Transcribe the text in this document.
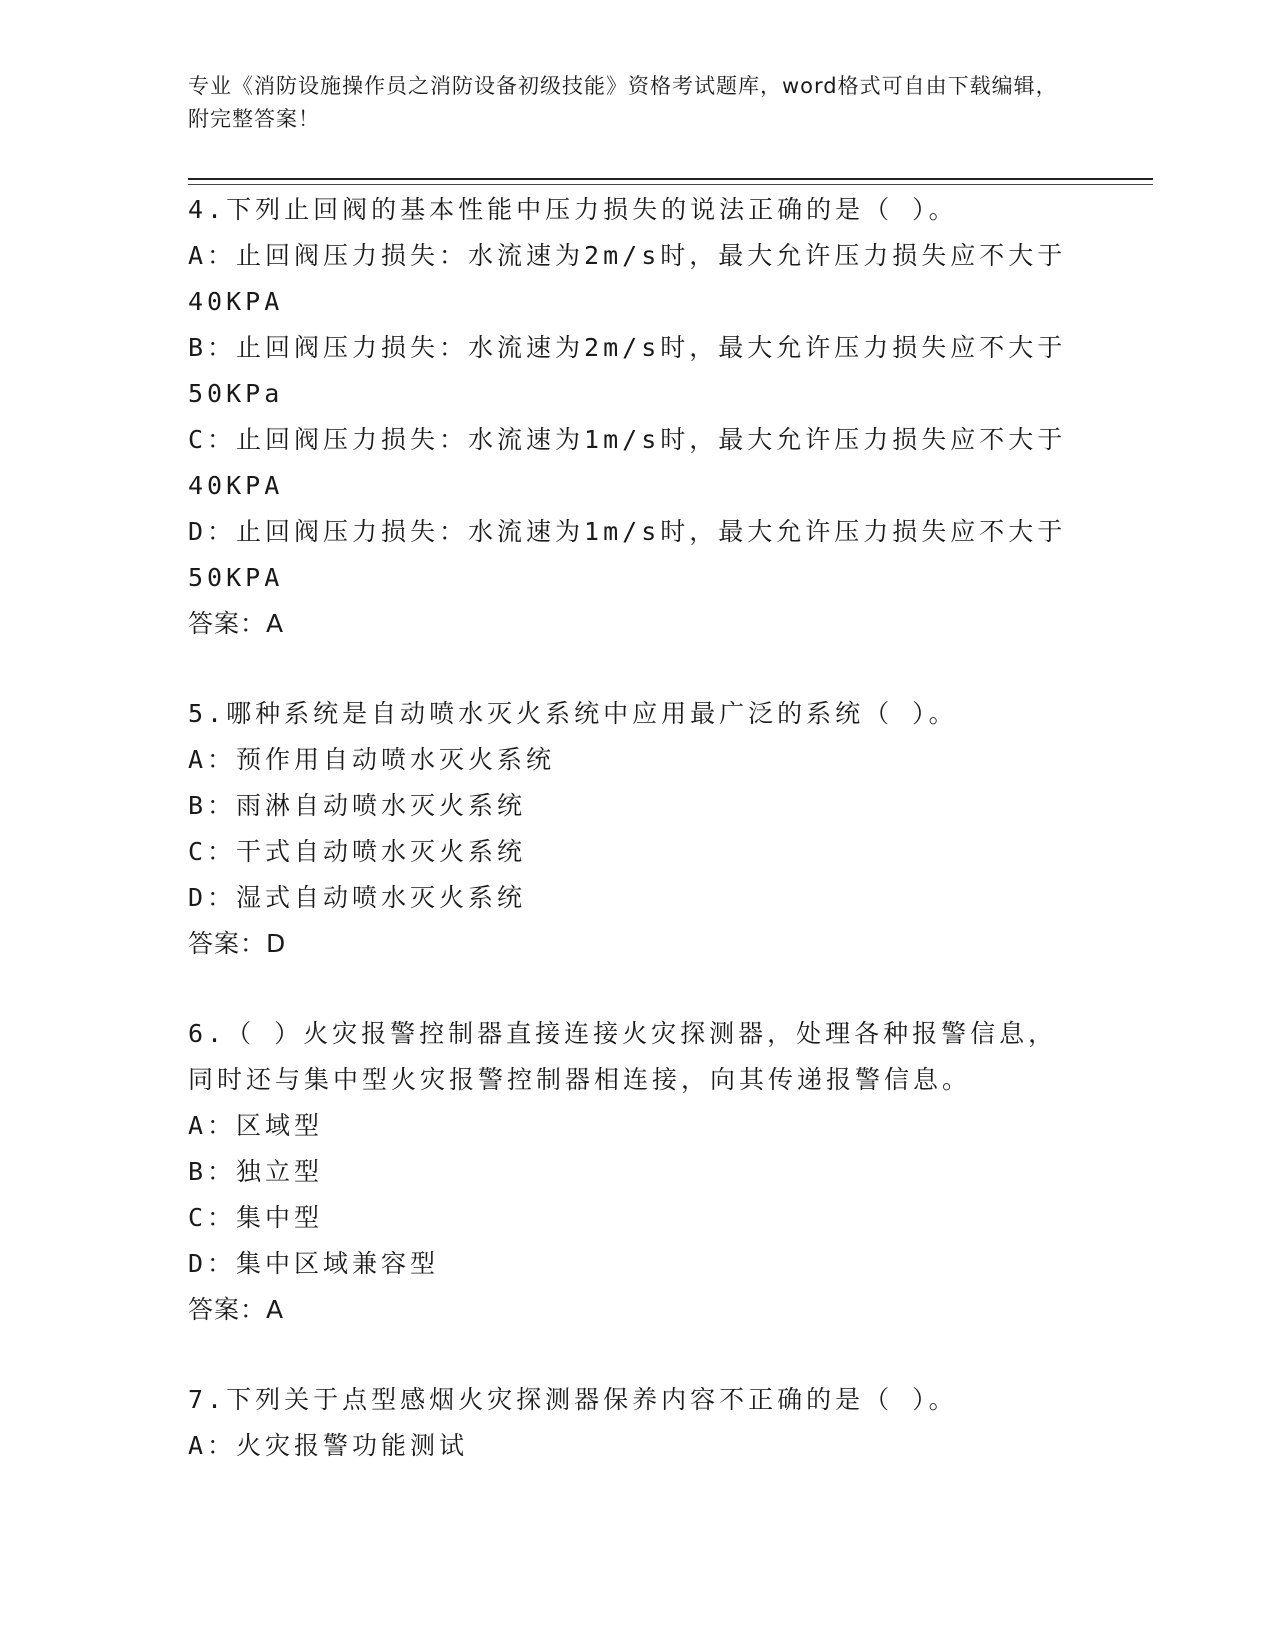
专业《消防设施操作员之消防设备初级技能》资格考试题库，word格式可自由下载编辑，附完整答案！
4.下列止回阀的基本性能中压力损失的说法正确的是（ ）。
A：止回阀压力损失：水流速为2m/s时，最大允许压力损失应不大于
40KPA
B：止回阀压力损失：水流速为2m/s时，最大允许压力损失应不大于
50KPa
C：止回阀压力损失：水流速为1m/s时，最大允许压力损失应不大于
40KPA
D：止回阀压力损失：水流速为1m/s时，最大允许压力损失应不大于
50KPA
答案：A
5.哪种系统是自动喷水灭火系统中应用最广泛的系统（ ）。
A：预作用自动喷水灭火系统
B：雨淋自动喷水灭火系统
C：干式自动喷水灭火系统
D：湿式自动喷水灭火系统
答案：D
6.（ ）火灾报警控制器直接连接火灾探测器，处理各种报警信息，
同时还与集中型火灾报警控制器相连接，向其传递报警信息。
A：区域型
B：独立型
C：集中型
D：集中区域兼容型
答案：A
7.下列关于点型感烟火灾探测器保养内容不正确的是（ ）。
A：火灾报警功能测试
